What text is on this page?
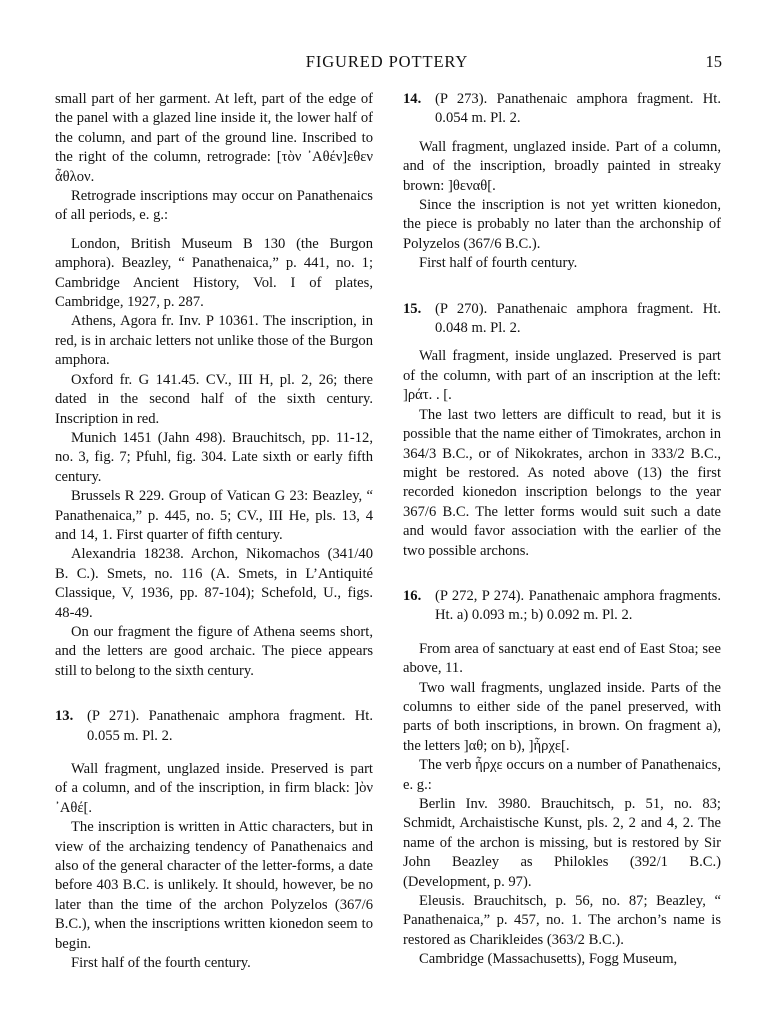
FIGURED POTTERY	15

small part of her garment. At left, part of the edge of the panel with a glazed line inside it, the lower half of the column, and part of the ground line. Inscribed to the right of the column, retrograde: [τὸν ᾿Αθέν]εθεν ἆθλον.

Retrograde inscriptions may occur on Panathenaics of all periods, e. g.:

London, British Museum B 130 (the Burgon amphora). Beazley, “ Panathenaica,” p. 441, no. 1; Cambridge Ancient History, Vol. I of plates, Cambridge, 1927, p. 287.

Athens, Agora fr. Inv. P 10361. The inscription, in red, is in archaic letters not unlike those of the Burgon amphora.

Oxford fr. G 141.45. CV., III H, pl. 2, 26; there dated in the second half of the sixth century. Inscription in red.

Munich 1451 (Jahn 498). Brauchitsch, pp. 11-12, no. 3, fig. 7; Pfuhl, fig. 304. Late sixth or early fifth century.

Brussels R 229. Group of Vatican G 23: Beazley, “ Panathenaica,” p. 445, no. 5; CV., III He, pls. 13, 4 and 14, 1. First quarter of fifth century.

Alexandria 18238. Archon, Nikomachos (341/40 B. C.). Smets, no. 116 (A. Smets, in L’Antiquité Classique, V, 1936, pp. 87-104); Schefold, U., figs. 48-49.

On our fragment the figure of Athena seems short, and the letters are good archaic. The piece appears still to belong to the sixth century.

13. (P 271). Panathenaic amphora fragment. Ht. 0.055 m. Pl. 2.

Wall fragment, unglazed inside. Preserved is part of a column, and of the inscription, in firm black: ]ὸν ᾿Αθέ[.

The inscription is written in Attic characters, but in view of the archaizing tendency of Panathenaics and also of the general character of the letter-forms, a date before 403 B.C. is unlikely. It should, however, be no later than the time of the archon Polyzelos (367/6 B.C.), when the inscriptions written kionedon seem to begin.

First half of the fourth century.

14. (P 273). Panathenaic amphora fragment. Ht. 0.054 m. Pl. 2.

Wall fragment, unglazed inside. Part of a column, and of the inscription, broadly painted in streaky brown: ]θεναθ[.

Since the inscription is not yet written kionedon, the piece is probably no later than the archonship of Polyzelos (367/6 B.C.).

First half of fourth century.

15. (P 270). Panathenaic amphora fragment. Ht. 0.048 m. Pl. 2.

Wall fragment, inside unglazed. Preserved is part of the column, with part of an inscription at the left: ]ράτ. . [.

The last two letters are difficult to read, but it is possible that the name either of Timokrates, archon in 364/3 B.C., or of Nikokrates, archon in 333/2 B.C., might be restored. As noted above (13) the first recorded kionedon inscription belongs to the year 367/6 B.C. The letter forms would suit such a date and would favor association with the earlier of the two possible archons.

16. (P 272, P 274). Panathenaic amphora fragments. Ht. a) 0.093 m.; b) 0.092 m. Pl. 2.

From area of sanctuary at east end of East Stoa; see above, 11.

Two wall fragments, unglazed inside. Parts of the columns to either side of the panel preserved, with parts of both inscriptions, in brown. On fragment a), the letters ]αθ; on b), ]ἦρχε[.

The verb ἦρχε occurs on a number of Panathenaics, e. g.:

Berlin Inv. 3980. Brauchitsch, p. 51, no. 83; Schmidt, Archaistische Kunst, pls. 2, 2 and 4, 2. The name of the archon is missing, but is restored by Sir John Beazley as Philokles (392/1 B.C.) (Development, p. 97).

Eleusis. Brauchitsch, p. 56, no. 87; Beazley, “ Panathenaica,” p. 457, no. 1. The archon’s name is restored as Charikleides (363/2 B.C.).

Cambridge (Massachusetts), Fogg Museum,
